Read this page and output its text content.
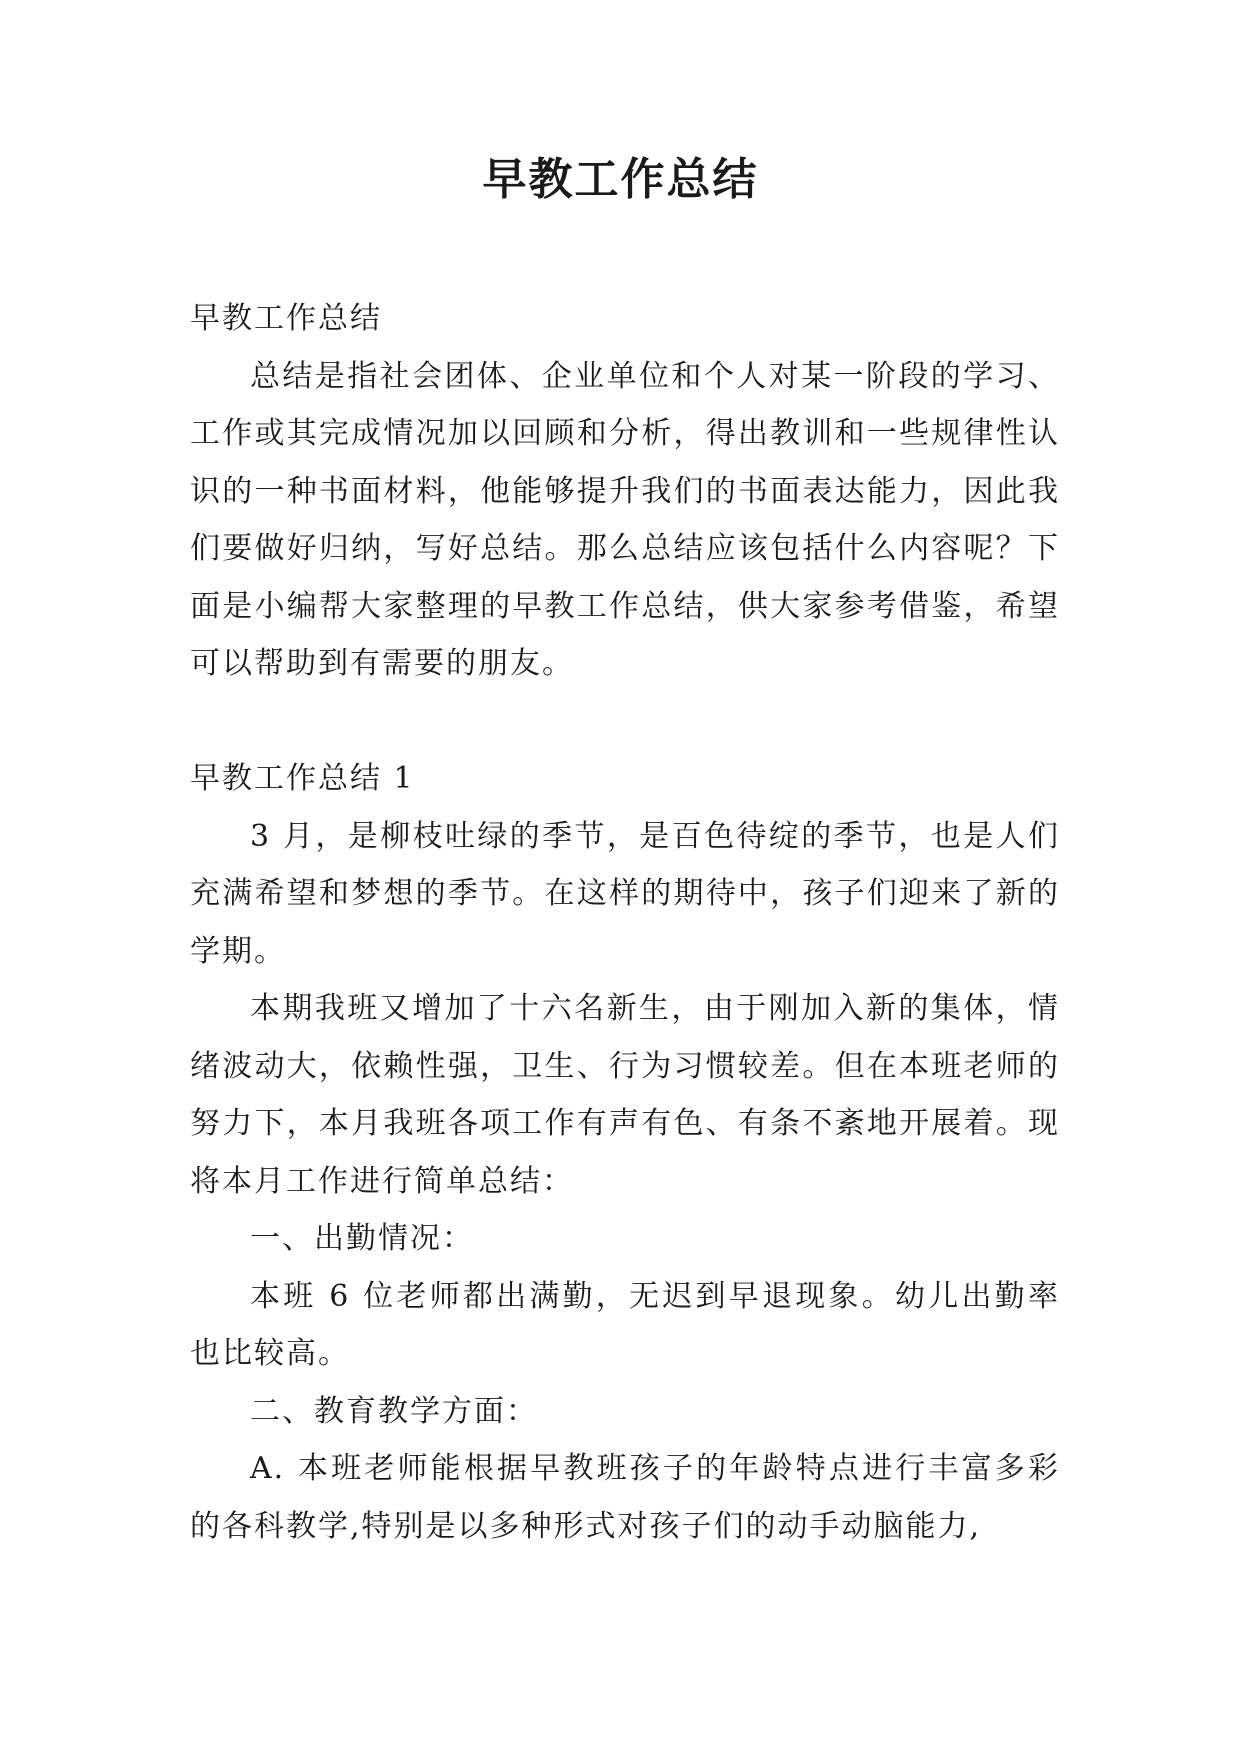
早教工作总结

早教工作总结

总结是指社会团体、企业单位和个人对某一阶段的学习、工作或其完成情况加以回顾和分析，得出教训和一些规律性认识的一种书面材料，他能够提升我们的书面表达能力，因此我们要做好归纳，写好总结。那么总结应该包括什么内容呢？下面是小编帮大家整理的早教工作总结，供大家参考借鉴，希望可以帮助到有需要的朋友。

早教工作总结 1

3 月，是柳枝吐绿的季节，是百色待绽的季节，也是人们充满希望和梦想的季节。在这样的期待中，孩子们迎来了新的学期。

本期我班又增加了十六名新生，由于刚加入新的集体，情绪波动大，依赖性强，卫生、行为习惯较差。但在本班老师的努力下，本月我班各项工作有声有色、有条不紊地开展着。现将本月工作进行简单总结：

一、出勤情况：

本班 6 位老师都出满勤，无迟到早退现象。幼儿出勤率也比较高。

二、教育教学方面：

A. 本班老师能根据早教班孩子的年龄特点进行丰富多彩的各科教学,特别是以多种形式对孩子们的动手动脑能力,
